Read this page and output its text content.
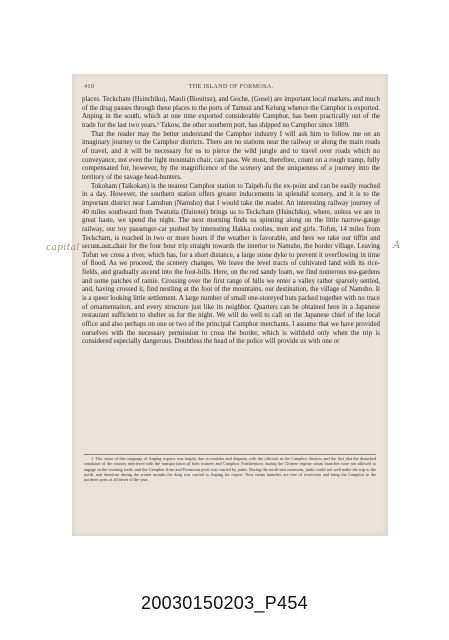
410	THE ISLAND OF FORMOSA.

places. Teckcham (Hsinchiku), Maoli (Biouitsu), and Goche, (Gosei) are important local markets, and much of the drug passes through these places to the ports of Tamsui and Kelung whence the Camphor is exported. Anping in the south, which at one time exported considerable Camphor, has been practically out of the trade for the last two years.¹ Takow, the other southern port, has shipped no Camphor since 1889.

That the reader may the better understand the Camphor industry I will ask him to follow me on an imaginary journey to the Camphor districts. There are no stations near the railway or along the main roads of travel, and it will be necessary for us to pierce the wild jungle and to travel over roads which no conveyance, not even the light mountain chair, can pass. We must, therefore, count on a rough tramp, fully compensated for, however, by the magnificence of the scenery and the uniqueness of a journey into the territory of the savage head-hunters.

Tokoham (Taikokan) is the nearest Camphor station to Taipeh-fu the ex-point and can be easily reached in a day. However, the southern station offers greater inducements in splendid scenery, and it is to the important district near Lamshun (Namsho) that I would take the reader. An interesting railway journey of 40 miles southward from Twatutia (Daitotei) brings us to Teckcham (Hsinchiku), where, unless we are in great haste, we spend the night. The next morning finds us spinning along on the little narrow-gauge railway, our toy passenger-car pushed by interesting Hakka coolies, men and girls. Tofun, 14 miles from Teckcham, is reached in two or more hours if the weather is favorable, and here we take our tiffin and secure our chair for the four hour trip straight towards the interior to Namsho, the border village. Leaving Tofun we cross a river, which has, for a short distance, a large stone dyke to prevent it overflowing in time of flood. As we proceed, the scenery changes. We leave the level tracts of cultivated land with its rice-fields, and gradually ascend into the foot-hills. Here, on the red sandy loam, we find numerous tea-gardens and some patches of ramie. Crossing over the first range of hills we enter a valley rather sparsely settled, and, having crossed it, find nestling at the foot of the mountains, our destination, the village of Namsho. It is a queer looking little settlement. A large number of small one-storeyed huts packed together with no trace of ornamentation, and every structure just like its neighbor. Quarters can be obtained here in a Japanese restaurant sufficient to shelter us for the night. We will do well to call on the Japanese chief of the local office and also perhaps on one or two of the principal Camphor merchants. I assume that we have provided ourselves with the necessary permission to cross the border, which is withheld only when the trip is considered especially dangerous. Doubtless the head of the police will provide us with one or

capital	A

1. The cause of this stoppage of Anping exports was largely due to troubles and disputes with the officials in the Camphor districts and the fact that the disturbed condition of the country interfered with the transportation of both trustees and Camphor. Furthermore, during the Chinese regime steam launches were not allowed to engage in the coasting trade, and the Camphor from and Formosan ports was carried by junks. During the north-east monsoon, junks could not well make the trip to the north, and therefore during the winter months the drug was carried to Anping for export. Now steam launches are free of restriction and bring the Camphor to the northern ports at all times of the year.

20030150203_P454
